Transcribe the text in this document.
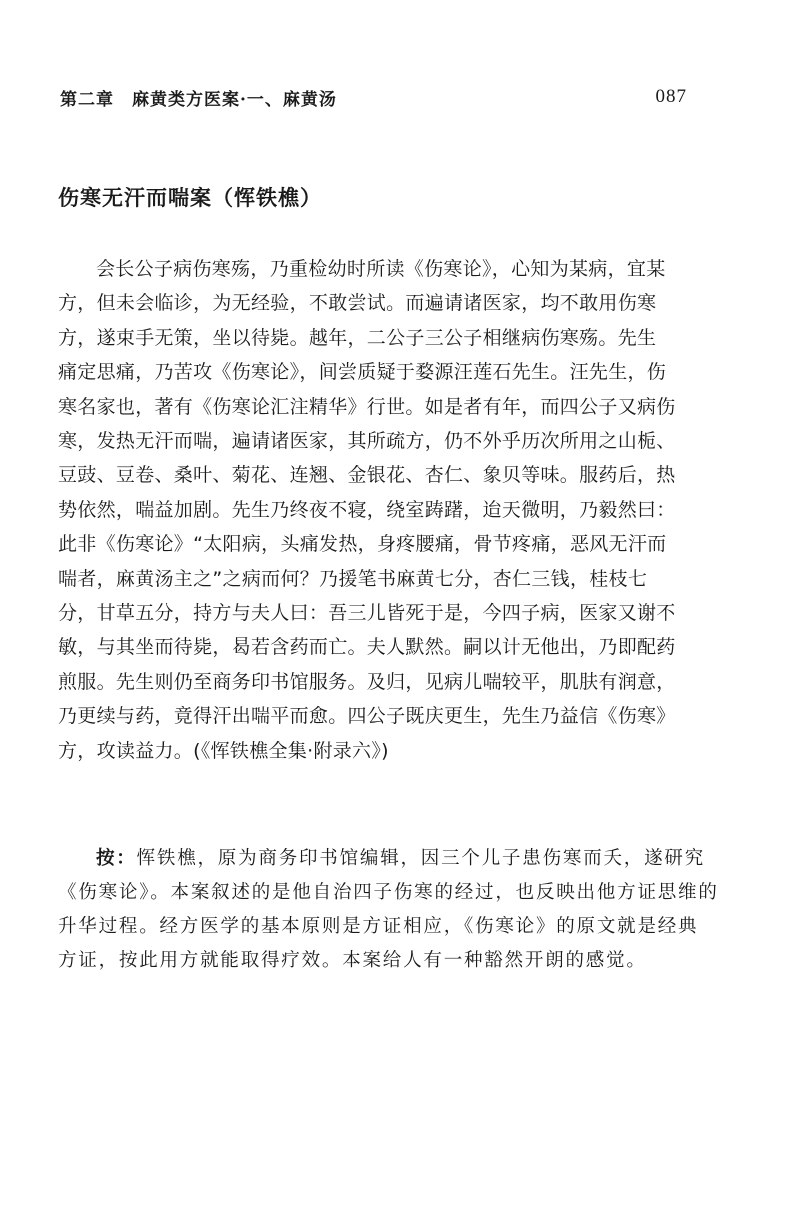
第二章　麻黄类方医案·一、麻黄汤	087
伤寒无汗而喘案（恽铁樵）
会长公子病伤寒殇，乃重检幼时所读《伤寒论》，心知为某病，宜某
方，但未会临诊，为无经验，不敢尝试。而遍请诸医家，均不敢用伤寒
方，遂束手无策，坐以待毙。越年，二公子三公子相继病伤寒殇。先生
痛定思痛，乃苦攻《伤寒论》，间尝质疑于婺源汪莲石先生。汪先生，伤
寒名家也，著有《伤寒论汇注精华》行世。如是者有年，而四公子又病伤
寒，发热无汗而喘，遍请诸医家，其所疏方，仍不外乎历次所用之山栀、
豆豉、豆卷、桑叶、菊花、连翘、金银花、杏仁、象贝等味。服药后，热
势依然，喘益加剧。先生乃终夜不寝，绕室踌躇，迨天微明，乃毅然曰：
此非《伤寒论》“太阳病，头痛发热，身疼腰痛，骨节疼痛，恶风无汗而
喘者，麻黄汤主之”之病而何？乃援笔书麻黄七分，杏仁三钱，桂枝七
分，甘草五分，持方与夫人曰：吾三儿皆死于是，今四子病，医家又谢不
敏，与其坐而待毙，曷若含药而亡。夫人默然。嗣以计无他出，乃即配药
煎服。先生则仍至商务印书馆服务。及归，见病儿喘较平，肌肤有润意，
乃更续与药，竟得汗出喘平而愈。四公子既庆更生，先生乃益信《伤寒》
方，攻读益力。(《恽铁樵全集·附录六》)
按：恽铁樵，原为商务印书馆编辑，因三个儿子患伤寒而夭，遂研究
《伤寒论》。本案叙述的是他自治四子伤寒的经过，也反映出他方证思维的
升华过程。经方医学的基本原则是方证相应，《伤寒论》的原文就是经典
方证，按此用方就能取得疗效。本案给人有一种豁然开朗的感觉。
